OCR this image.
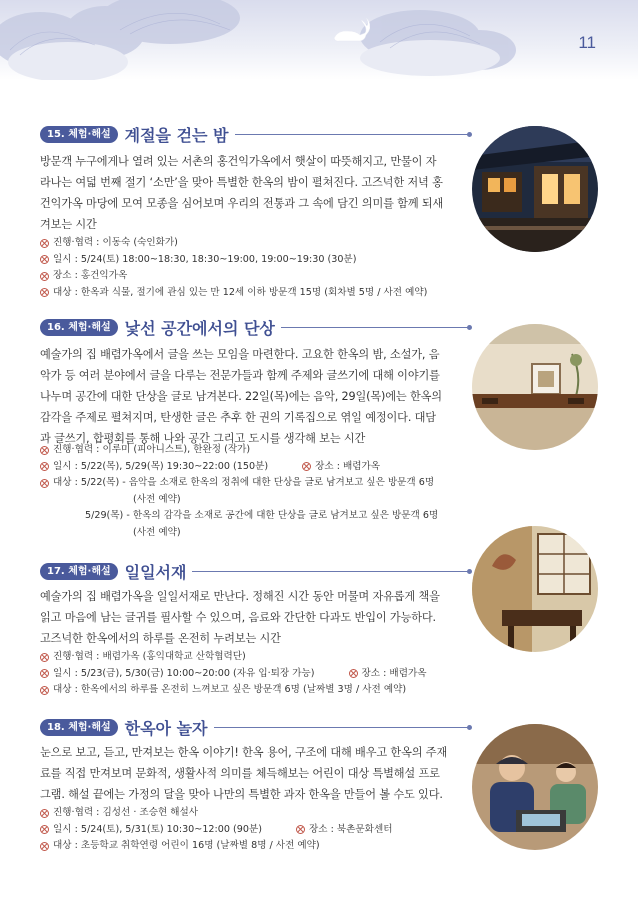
11
15. 체험·해설 계절을 걷는 밤
방문객 누구에게나 열려 있는 서촌의 홍건익가옥에서 햇살이 따뜻해지고, 만물이 자
라나는 여덟 번째 절기 ‘소만’을 맞아 특별한 한옥의 밤이 펼쳐진다. 고즈넉한 저녁 홍
건익가옥 마당에 모여 모종을 심어보며 우리의 전통과 그 속에 담긴 의미를 함께 되새
겨보는 시간
진행·협력 : 이동숙 (숙인화가)
일시 : 5/24(토) 18:00~18:30, 18:30~19:00, 19:00~19:30 (30분)
장소 : 홍건익가옥
대상 : 한옥과 식물, 절기에 관심 있는 만 12세 이하 방문객 15명 (회차별 5명 / 사전 예약)
16. 체험·해설 낯선 공간에서의 단상
예술가의 집 배렴가옥에서 글을 쓰는 모임을 마련한다. 고요한 한옥의 밤, 소설가, 음
악가 등 여러 분야에서 글을 다루는 전문가들과 함께 주제와 글쓰기에 대해 이야기를
나누며 공간에 대한 단상을 글로 남겨본다. 22일(목)에는 음악, 29일(목)에는 한옥의
감각을 주제로 펼쳐지며, 탄생한 글은 추후 한 권의 기록집으로 엮일 예정이다. 대담
과 글쓰기, 합평회를 통해 나와 공간 그리고 도시를 생각해 보는 시간
진행·협력 : 이루미 (피아니스트), 한완정 (작가)
일시 : 5/22(목), 5/29(목) 19:30~22:00 (150분)	장소 : 배렴가옥
대상 : 5/22(목) - 음악을 소재로 한옥의 정취에 대한 단상을 글로 남겨보고 싶은 방문객 6명
(사전 예약)
5/29(목) - 한옥의 감각을 소재로 공간에 대한 단상을 글로 남겨보고 싶은 방문객 6명
(사전 예약)
17. 체험·해설 일일서재
예술가의 집 배렴가옥을 일일서재로 만난다. 정해진 시간 동안 머물며 자유롭게 책을
읽고 마음에 남는 글귀를 필사할 수 있으며, 음료와 간단한 다과도 반입이 가능하다.
고즈넉한 한옥에서의 하루를 온전히 누려보는 시간
진행·협력 : 배렴가옥 (홍익대학교 산학협력단)
일시 : 5/23(금), 5/30(금) 10:00~20:00 (자유 입·퇴장 가능)	장소 : 배렴가옥
대상 : 한옥에서의 하루를 온전히 느껴보고 싶은 방문객 6명 (날짜별 3명 / 사전 예약)
18. 체험·해설 한옥아 놀자
눈으로 보고, 듣고, 만져보는 한옥 이야기! 한옥 용어, 구조에 대해 배우고 한옥의 주재
료를 직접 만져보며 문화적, 생활사적 의미를 체득해보는 어린이 대상 특별해설 프로
그램. 해설 끝에는 가정의 달을 맞아 나만의 특별한 과자 한옥을 만들어 볼 수도 있다.
진행·협력 : 김성선 · 조승현 해설사
일시 : 5/24(토), 5/31(토) 10:30~12:00 (90분)	장소 : 북촌문화센터
대상 : 초등학교 취학연령 어린이 16명 (날짜별 8명 / 사전 예약)
